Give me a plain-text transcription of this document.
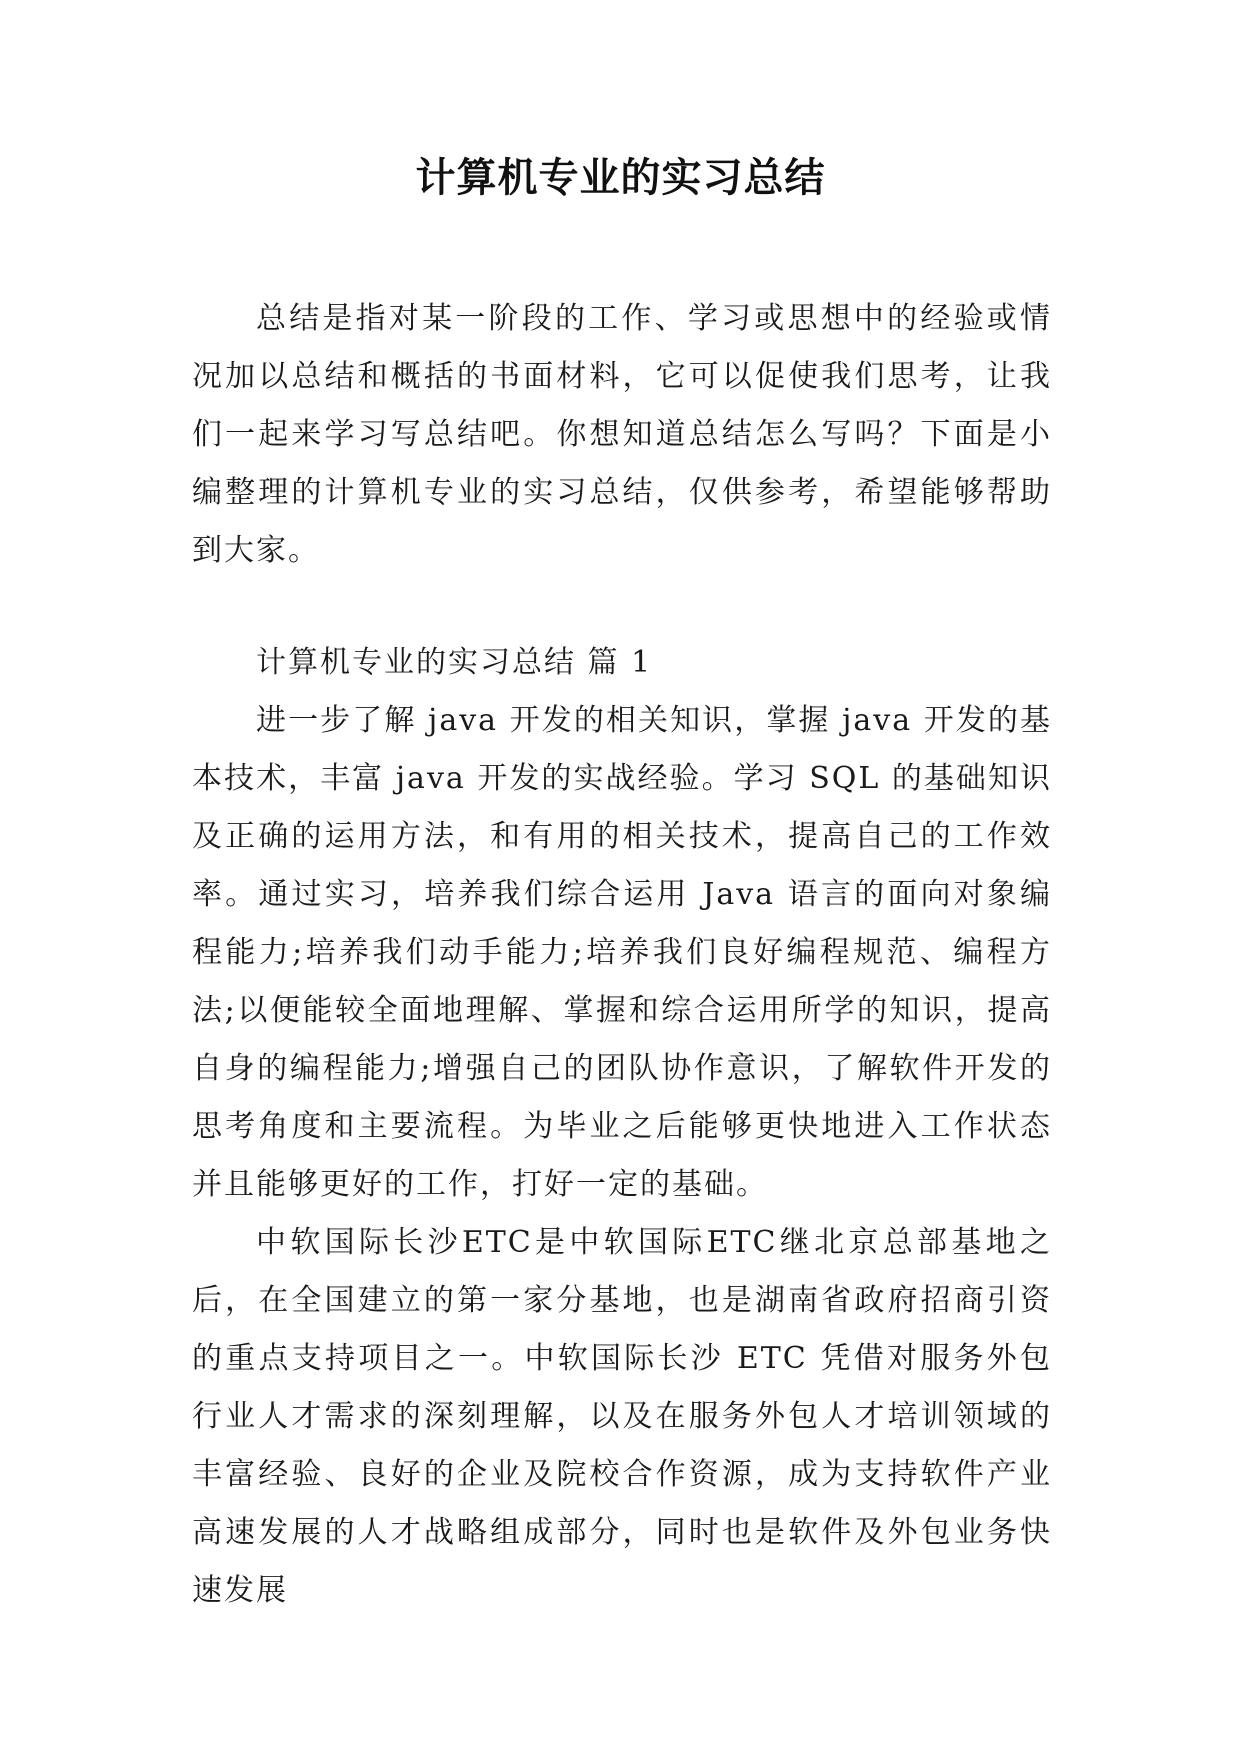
计算机专业的实习总结

总结是指对某一阶段的工作、学习或思想中的经验或情况加以总结和概括的书面材料，它可以促使我们思考，让我们一起来学习写总结吧。你想知道总结怎么写吗？下面是小编整理的计算机专业的实习总结，仅供参考，希望能够帮助到大家。

计算机专业的实习总结 篇 1

进一步了解 java 开发的相关知识，掌握 java 开发的基本技术，丰富 java 开发的实战经验。学习 SQL 的基础知识及正确的运用方法，和有用的相关技术，提高自己的工作效率。通过实习，培养我们综合运用 Java 语言的面向对象编程能力;培养我们动手能力;培养我们良好编程规范、编程方法;以便能较全面地理解、掌握和综合运用所学的知识，提高自身的编程能力;增强自己的团队协作意识，了解软件开发的思考角度和主要流程。为毕业之后能够更快地进入工作状态并且能够更好的工作，打好一定的基础。

中软国际长沙ETC是中软国际ETC继北京总部基地之后，在全国建立的第一家分基地，也是湖南省政府招商引资的重点支持项目之一。中软国际长沙 ETC 凭借对服务外包行业人才需求的深刻理解，以及在服务外包人才培训领域的丰富经验、良好的企业及院校合作资源，成为支持软件产业高速发展的人才战略组成部分，同时也是软件及外包业务快速发展
